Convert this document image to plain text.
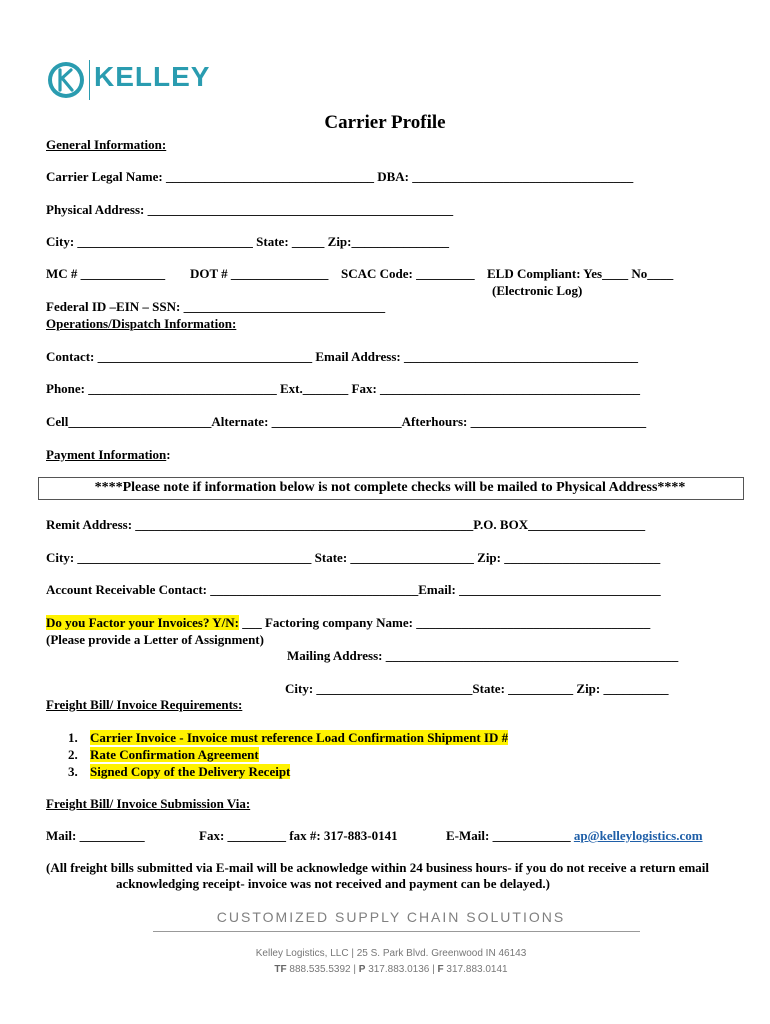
KELLEY
Carrier Profile
General Information:
Carrier Legal Name: ________________________________ DBA: __________________________________
Physical Address: _______________________________________________
City: ___________________________ State: _____ Zip:_______________
MC # _____________ DOT # _______________ SCAC Code: _________ ELD Compliant: Yes____ No____
(Electronic Log)
Federal ID –EIN – SSN: _______________________________
Operations/Dispatch Information:
Contact: _________________________________ Email Address: ____________________________________
Phone: _____________________________ Ext._______ Fax: ________________________________________
Cell______________________Alternate: ____________________Afterhours: ___________________________
Payment Information:
****Please note if information below is not complete checks will be mailed to Physical Address****
Remit Address: ____________________________________________________P.O. BOX__________________
City: ____________________________________ State: ___________________ Zip: ________________________
Account Receivable Contact: ________________________________Email: _______________________________
Do you Factor your Invoices? Y/N: ___ Factoring company Name: ____________________________________
(Please provide a Letter of Assignment)
Mailing Address: _____________________________________________
City: ________________________State: __________ Zip: __________
Freight Bill/ Invoice Requirements:
1. Carrier Invoice - Invoice must reference Load Confirmation Shipment ID #
2. Rate Confirmation Agreement
3. Signed Copy of the Delivery Receipt
Freight Bill/ Invoice Submission Via:
Mail: __________	Fax: _________ fax #: 317-883-0141	E-Mail: ____________ ap@kelleylogistics.com
(All freight bills submitted via E-mail will be acknowledge within 24 business hours- if you do not receive a return email
acknowledging receipt- invoice was not received and payment can be delayed.)
CUSTOMIZED SUPPLY CHAIN SOLUTIONS
Kelley Logistics, LLC | 25 S. Park Blvd. Greenwood IN 46143
TF 888.535.5392 | P 317.883.0136 | F 317.883.0141
